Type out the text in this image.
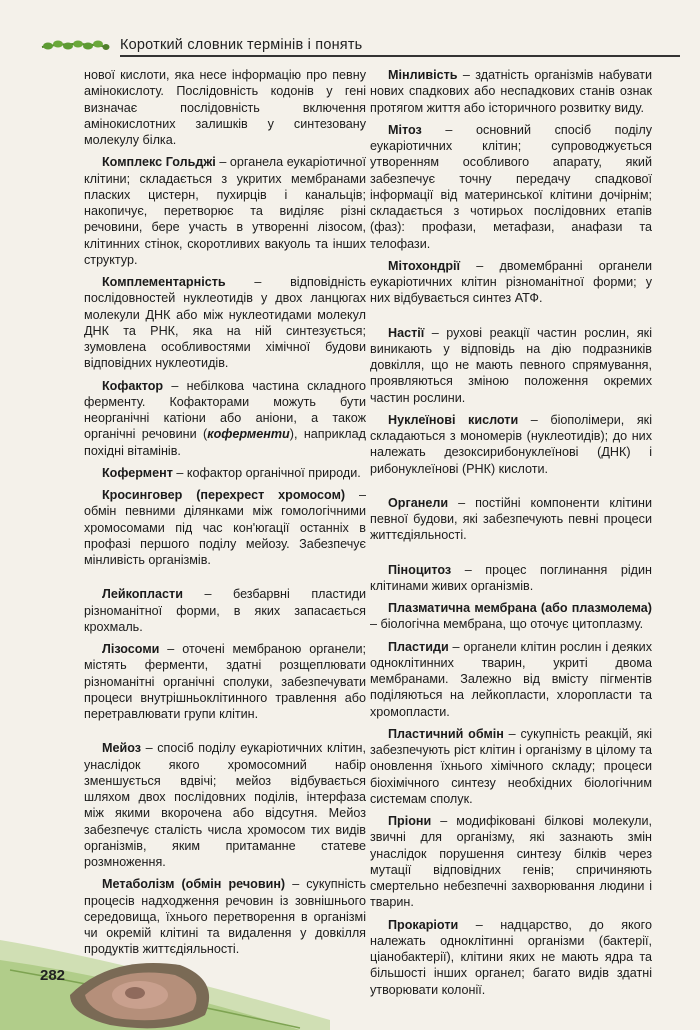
Короткий словник термінів і понять

нової кислоти, яка несе інформацію про певну амінокислоту. Послідовність кодонів у гені визначає послідовність включення амінокислотних залишків у синтезовану молекулу білка.

Комплекс Гольджі – органела еукаріотичної клітини; складається з укритих мембранами пласких цистерн, пухирців і канальців; накопичує, перетворює та виділяє різні речовини, бере участь в утворенні лізосом, клітинних стінок, скоротливих вакуоль та інших структур.

Комплементарність – відповідність послідовностей нуклеотидів у двох ланцюгах молекули ДНК або між нуклеотидами молекул ДНК та РНК, яка на ній синтезується; зумовлена особливостями хімічної будови відповідних нуклеотидів.

Кофактор – небілкова частина складного ферменту. Кофакторами можуть бути неорганічні катіони або аніони, а також органічні речовини (коферменти), наприклад похідні вітамінів.

Кофермент – кофактор органічної природи.

Кросинговер (перехрест хромосом) – обмін певними ділянками між гомологічними хромосомами під час кон'югації останніх в профазі першого поділу мейозу. Забезпечує мінливість організмів.

Лейкопласти – безбарвні пластиди різноманітної форми, в яких запасається крохмаль.

Лізосоми – оточені мембраною органели; містять ферменти, здатні розщеплювати різноманітні органічні сполуки, забезпечувати процеси внутрішньоклітинного травлення або перетравлювати групи клітин.

Мейоз – спосіб поділу еукаріотичних клітин, унаслідок якого хромосомний набір зменшується вдвічі; мейоз відбувається шляхом двох послідовних поділів, інтерфаза між якими вкорочена або відсутня. Мейоз забезпечує сталість числа хромосом тих видів організмів, яким притаманне статеве розмноження.

Метаболізм (обмін речовин) – сукупність процесів надходження речовин із зовнішнього середовища, їхнього перетворення в організмі чи окремій клітині та видалення у довкілля продуктів життєдіяльності.

Мінливість – здатність організмів набувати нових спадкових або неспадкових станів ознак протягом життя або історичного розвитку виду.

Мітоз – основний спосіб поділу еукаріотичних клітин; супроводжується утворенням особливого апарату, який забезпечує точну передачу спадкової інформації від материнської клітини дочірнім; складається з чотирьох послідовних етапів (фаз): профази, метафази, анафази та телофази.

Мітохондрії – двомембранні органели еукаріотичних клітин різноманітної форми; у них відбувається синтез АТФ.

Настії – рухові реакції частин рослин, які виникають у відповідь на дію подразників довкілля, що не мають певного спрямування, проявляються зміною положення окремих частин рослини.

Нуклеїнові кислоти – біополімери, які складаються з мономерів (нуклеотидів); до них належать дезоксирибонуклеїнові (ДНК) і рибонуклеїнові (РНК) кислоти.

Органели – постійні компоненти клітини певної будови, які забезпечують певні процеси життєдіяльності.

Піноцитоз – процес поглинання рідин клітинами живих організмів.

Плазматична мембрана (або плазмолема) – біологічна мембрана, що оточує цитоплазму.

Пластиди – органели клітин рослин і деяких одноклітинних тварин, укриті двома мембранами. Залежно від вмісту пігментів поділяються на лейкопласти, хлоропласти та хромопласти.

Пластичний обмін – сукупність реакцій, які забезпечують ріст клітин і організму в цілому та оновлення їхнього хімічного складу; процеси біохімічного синтезу необхідних біологічним системам сполук.

Пріони – модифіковані білкові молекули, звичні для організму, які зазнають змін унаслідок порушення синтезу білків через мутації відповідних генів; спричиняють смертельно небезпечні захворювання людини і тварин.

Прокаріоти – надцарство, до якого належать одноклітинні організми (бактерії, ціанобактерії), клітини яких не мають ядра та більшості інших органел; багато видів здатні утворювати колонії.

282
